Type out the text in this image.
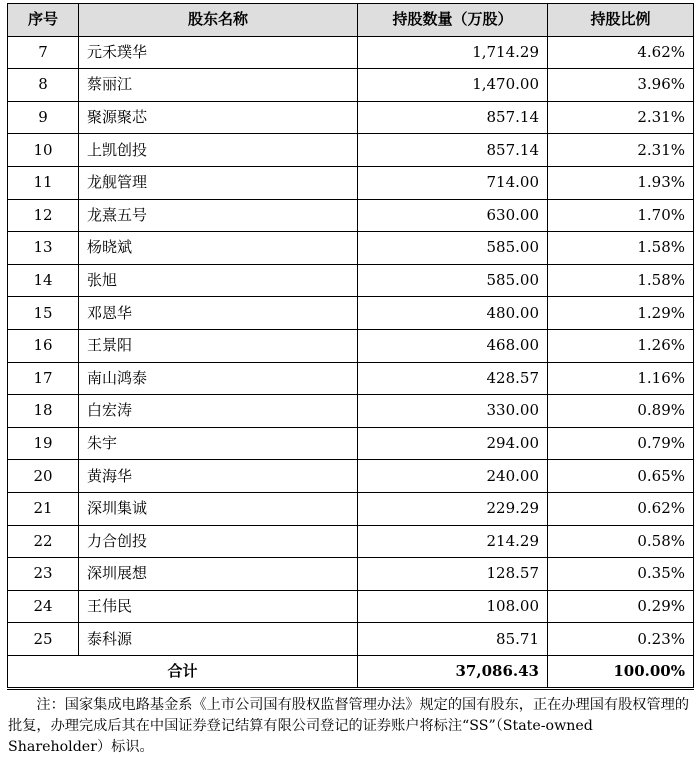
序号	股东名称	持股数量（万股）	持股比例
7	元禾璞华	1,714.29	4.62%
8	蔡丽江	1,470.00	3.96%
9	聚源聚芯	857.14	2.31%
10	上凯创投	857.14	2.31%
11	龙舰管理	714.00	1.93%
12	龙熹五号	630.00	1.70%
13	杨晓斌	585.00	1.58%
14	张旭	585.00	1.58%
15	邓恩华	480.00	1.29%
16	王景阳	468.00	1.26%
17	南山鸿泰	428.57	1.16%
18	白宏涛	330.00	0.89%
19	朱宇	294.00	0.79%
20	黄海华	240.00	0.65%
21	深圳集诚	229.29	0.62%
22	力合创投	214.29	0.58%
23	深圳展想	128.57	0.35%
24	王伟民	108.00	0.29%
25	泰科源	85.71	0.23%
合计		37,086.43	100.00%

注：国家集成电路基金系《上市公司国有股权监督管理办法》规定的国有股东，正在办理国有股权管理的批复，办理完成后其在中国证券登记结算有限公司登记的证券账户将标注“SS”（State-owned Shareholder）标识。
